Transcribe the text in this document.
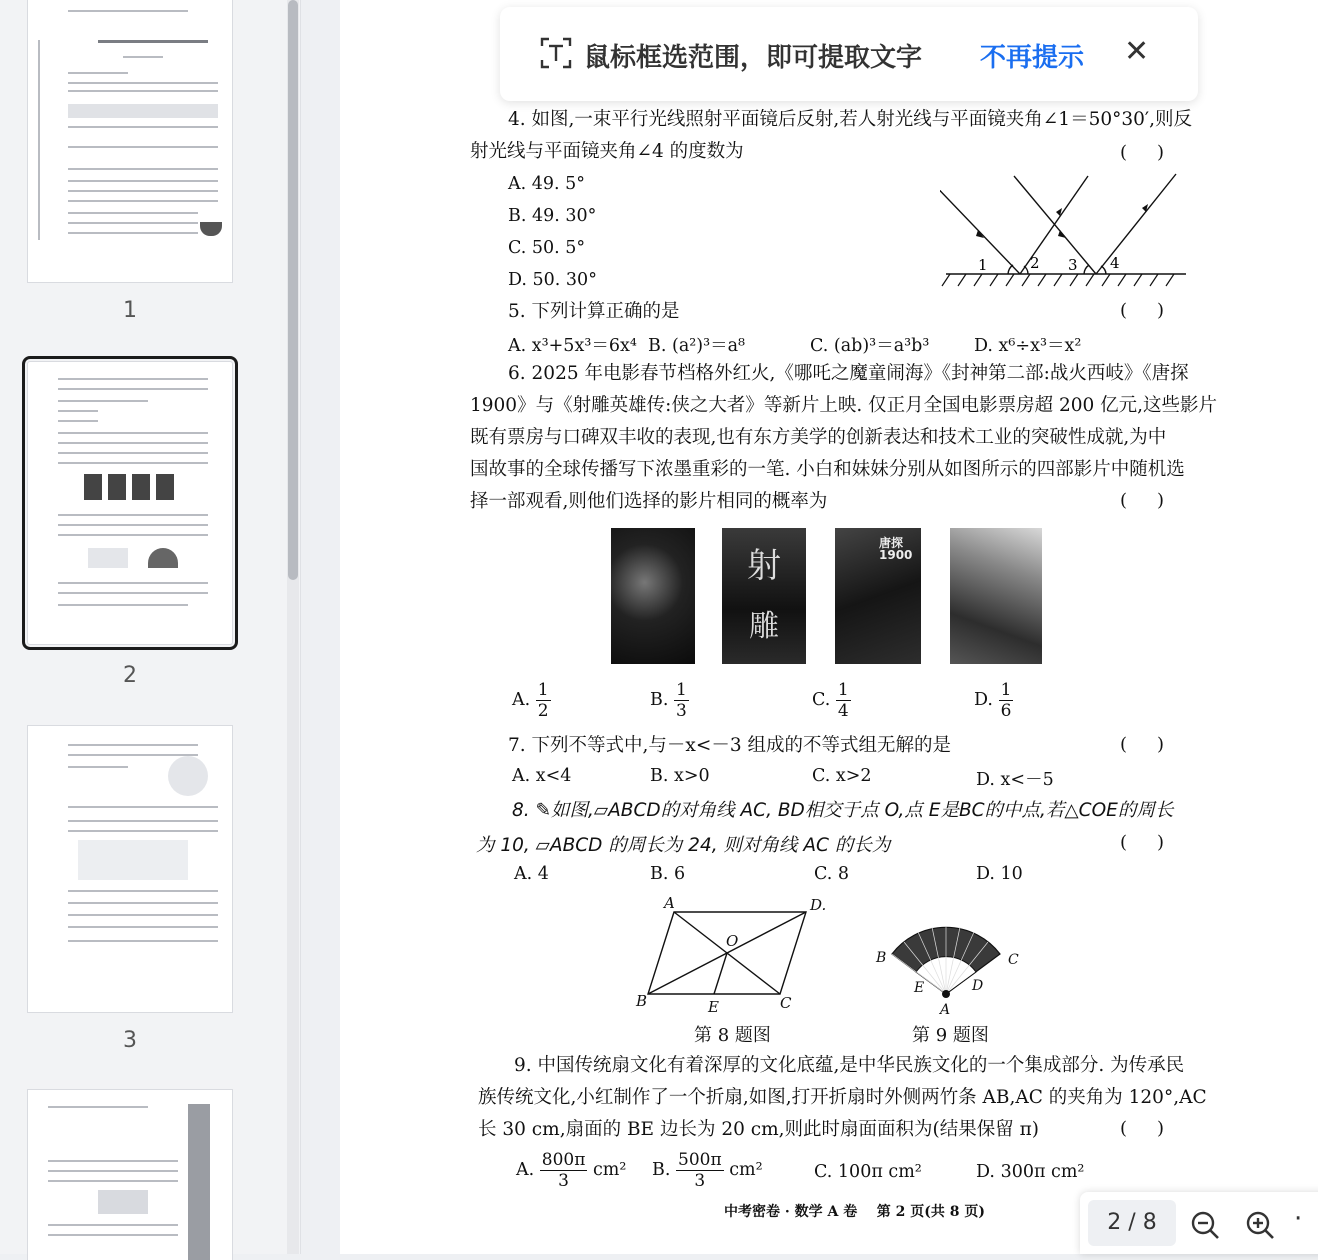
1
2
3
4. 如图,一束平行光线照射平面镜后反射,若人射光线与平面镜夹角∠1＝50°30′,则反
射光线与平面镜夹角∠4 的度数为	()
A. 49. 5°
B. 49. 30°
C. 50. 5°
D. 50. 30°
1	2 3 4
5. 下列计算正确的是	()
A. x³+5x³＝6x⁴ B. (a²)³＝a⁸	C. (ab)³＝a³b³	D. x⁶÷x³＝x²
6. 2025 年电影春节档格外红火,《哪吒之魔童闹海》《封神第二部:战火西岐》《唐探
1900》与《射雕英雄传:侠之大者》等新片上映. 仅正月全国电影票房超 200 亿元,这些影片
既有票房与口碑双丰收的表现,也有东方美学的创新表达和技术工业的突破性成就,为中
国故事的全球传播写下浓墨重彩的一笔. 小白和妹妹分别从如图所示的四部影片中随机选
择一部观看,则他们选择的影片相同的概率为	()
射
雕
唐探
1900
A. $\frac{1}{2}$	B. $\frac{1}{3}$	C. $\frac{1}{4}$	D. $\frac{1}{6}$
7. 下列不等式中,与－x<－3 组成的不等式组无解的是	()
A. x<4	B. x>0	C. x>2	D. x<－5
8. ✎如图,▱ABCD的对角线 AC, BD相交于点 O,点 E是BC的中点,若△COE的周长
为 10, ▱ABCD 的周长为 24, 则对角线 AC 的长为	()
A. 4	B. 6	C. 8	D. 10
A	D.
O
B	E	C
B	C
E	D
A
第 8 题图	第 9 题图
9. 中国传统扇文化有着深厚的文化底蕴,是中华民族文化的一个集成部分. 为传承民
族传统文化,小红制作了一个折扇,如图,打开折扇时外侧两竹条 AB,AC 的夹角为 120°,AC
长 30 cm,扇面的 BE 边长为 20 cm,则此时扇面面积为(结果保留 π)	()
A. $\frac{800\pi}{3} cm^2$ B. $\frac{500\pi}{3} cm^2$	C. 100π cm²	D. 300π cm²
中考密卷 · 数学 A 卷    第 2 页(共 8 页)
鼠标框选范围，即可提取文字 不再提示 ✕
2 / 8	·
